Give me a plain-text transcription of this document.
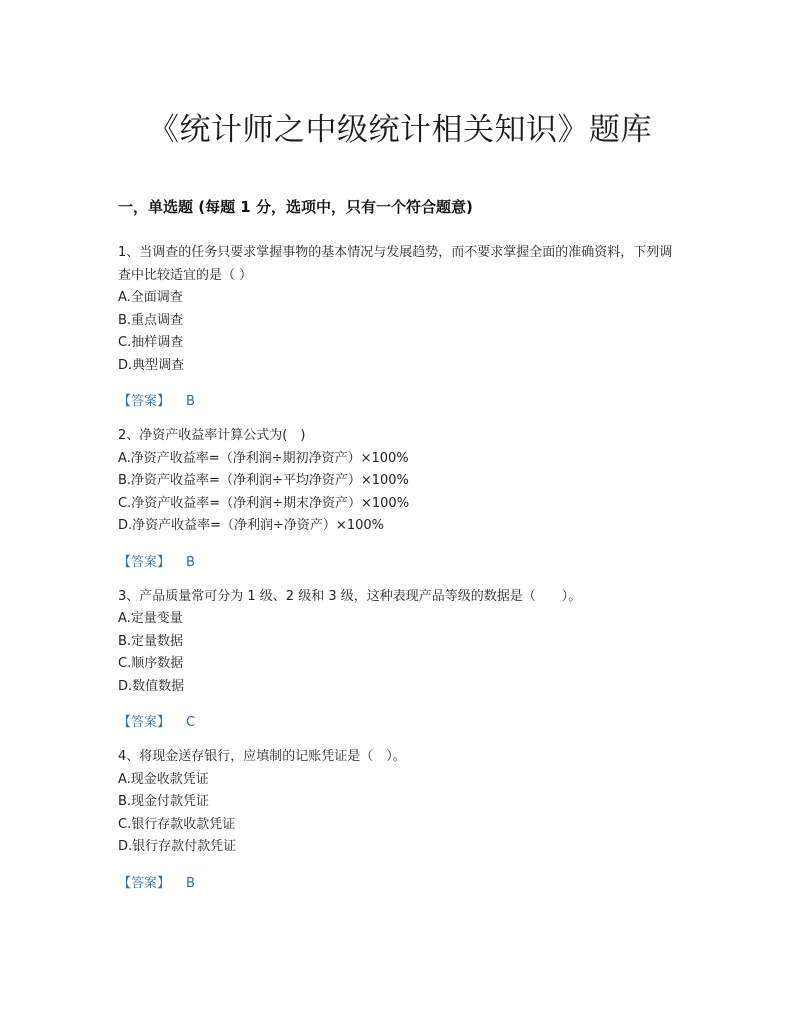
《统计师之中级统计相关知识》题库
一，单选题 (每题 1 分，选项中，只有一个符合题意)

1、当调查的任务只要求掌握事物的基本情况与发展趋势，而不要求掌握全面的准确资料，下列调查中比较适宜的是（ ）

A.全面调查

B.重点调查

C.抽样调查

D.典型调查

【答案】 B

2、净资产收益率计算公式为(　)

A.净资产收益率=（净利润÷期初净资产）×100%

B.净资产收益率=（净利润÷平均净资产）×100%

C.净资产收益率=（净利润÷期末净资产）×100%

D.净资产收益率=（净利润÷净资产）×100%

【答案】 B

3、产品质量常可分为 1 级、2 级和 3 级，这种表现产品等级的数据是（　　）。

A.定量变量

B.定量数据

C.顺序数据

D.数值数据

【答案】 C

4、将现金送存银行，应填制的记账凭证是（　）。

A.现金收款凭证

B.现金付款凭证

C.银行存款收款凭证

D.银行存款付款凭证

【答案】 B
